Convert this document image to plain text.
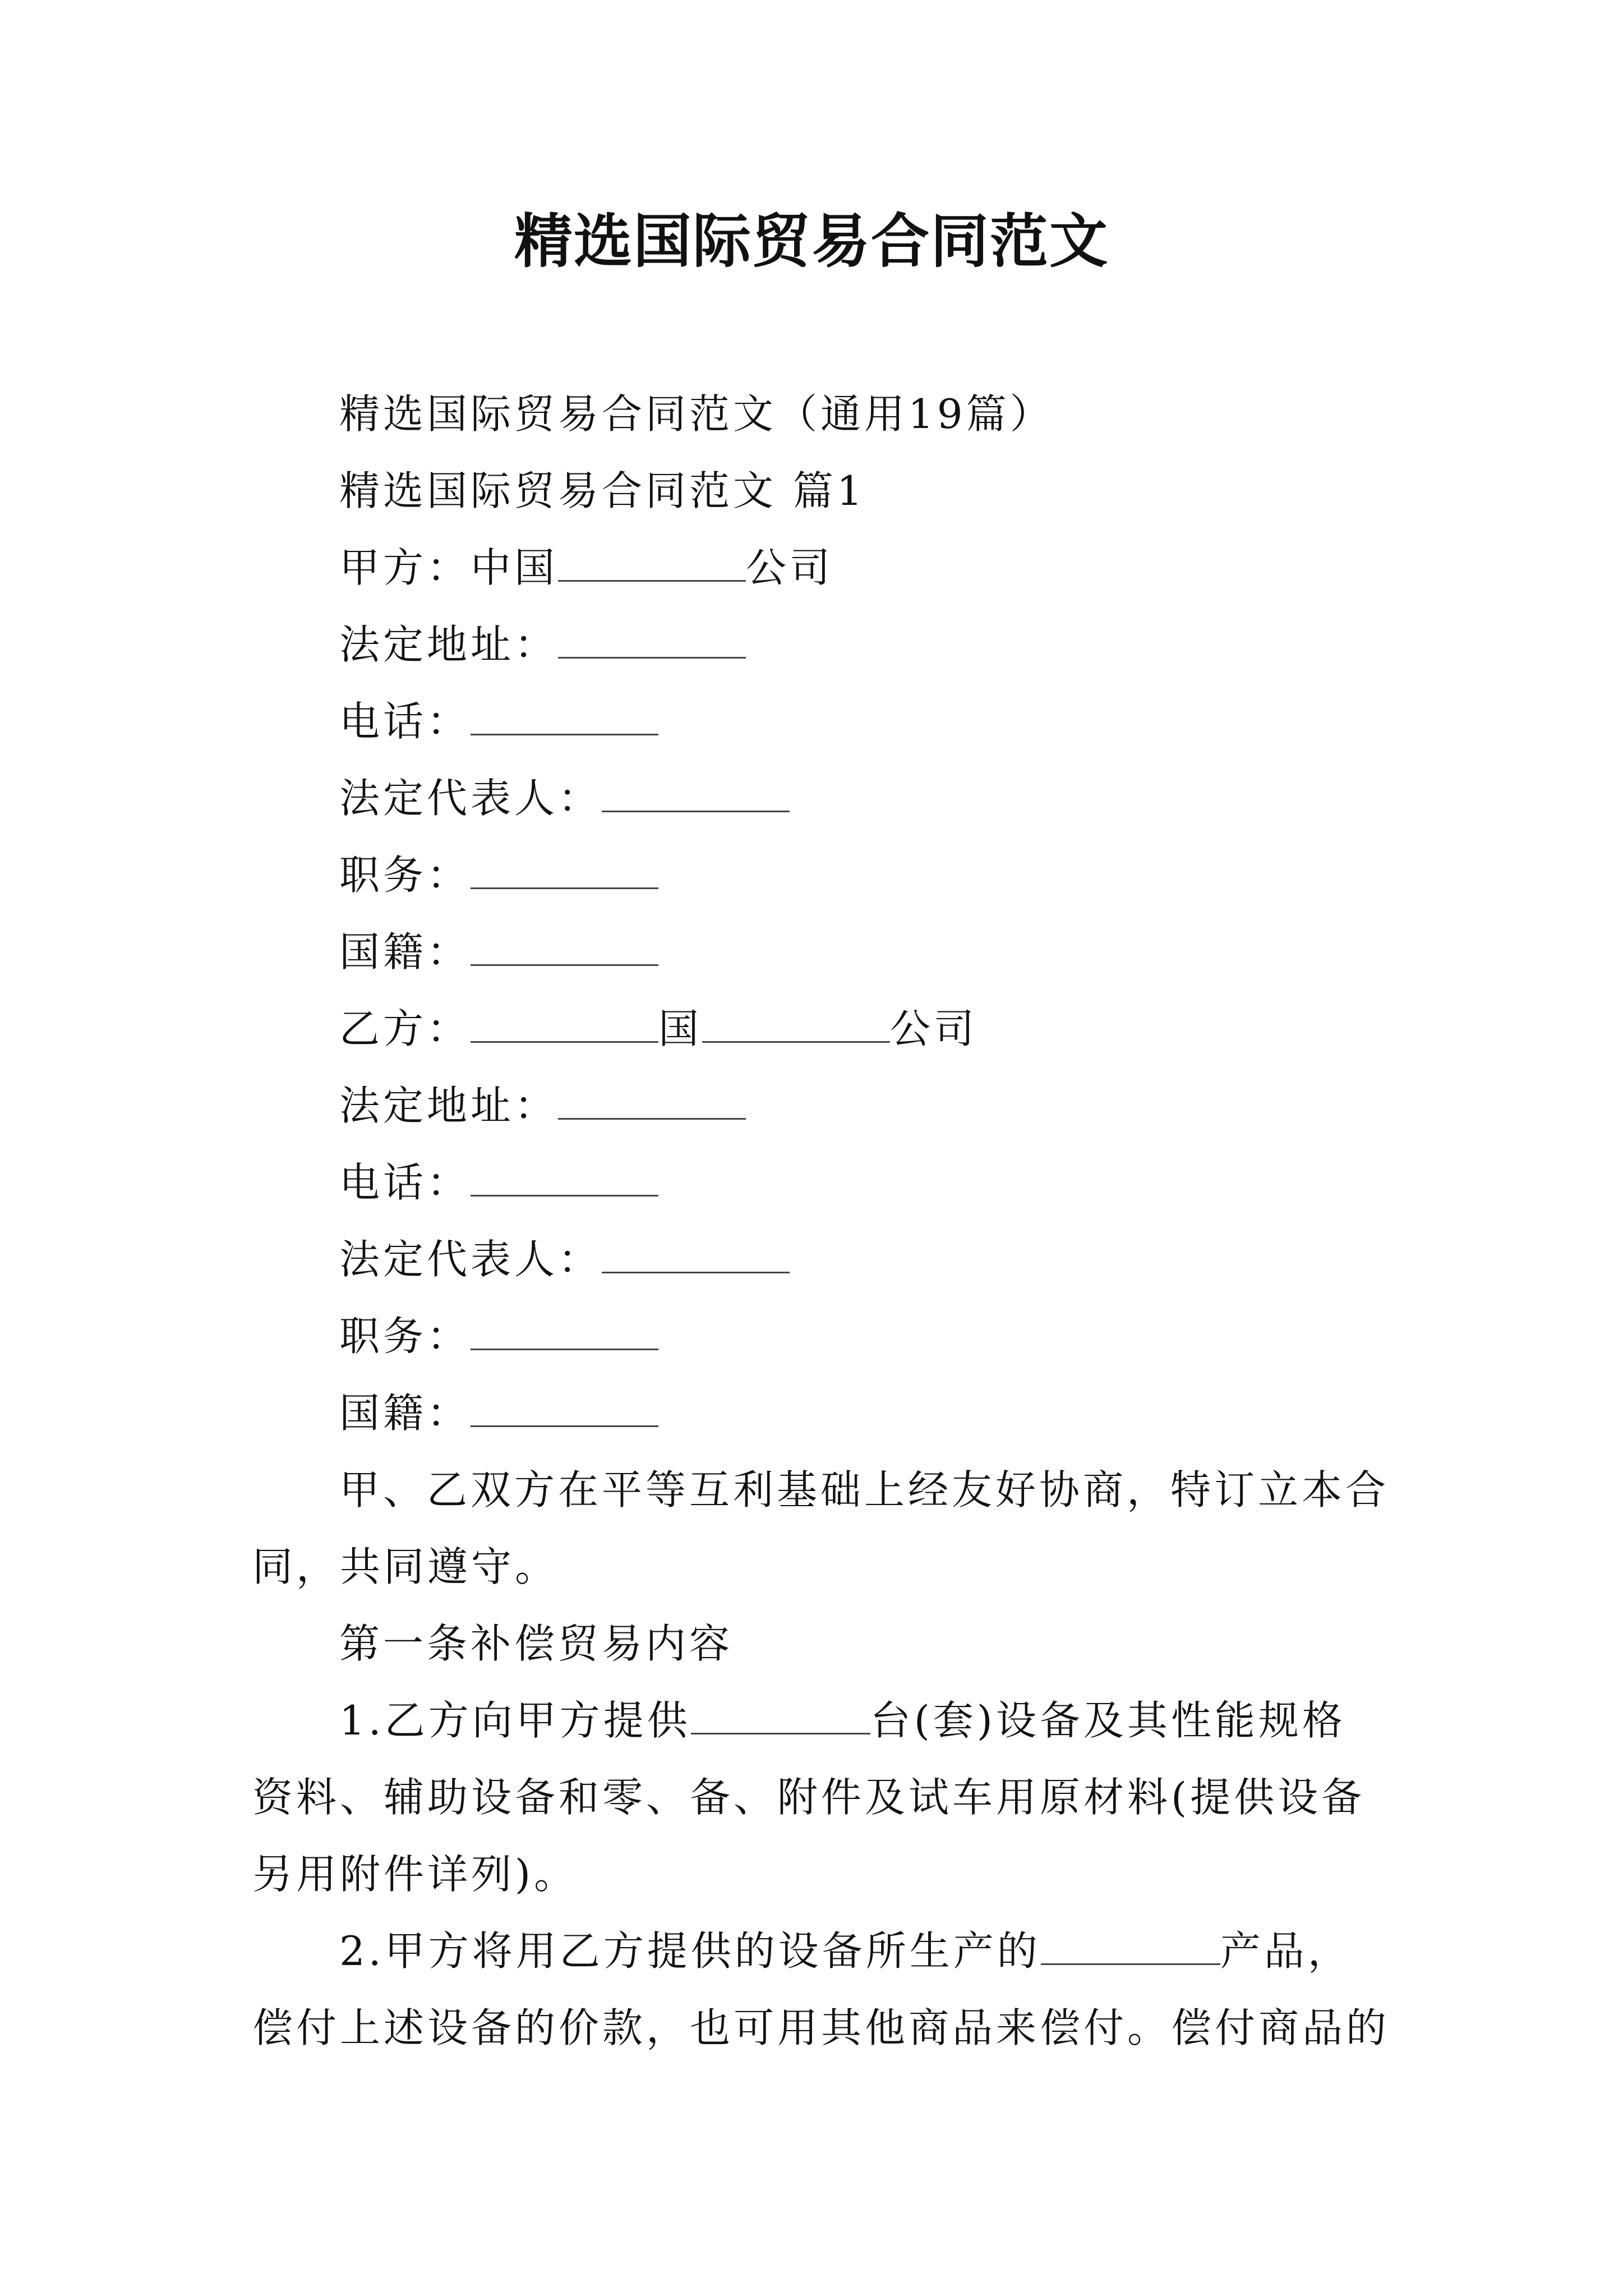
精选国际贸易合同范文
精选国际贸易合同范文（通用19篇）
精选国际贸易合同范文 篇1
甲方：中国	公司
法定地址：
电话：
法定代表人：
职务：
国籍：
乙方：	国	公司
法定地址：
电话：
法定代表人：
职务：
国籍：
甲、乙双方在平等互利基础上经友好协商，特订立本合
同，共同遵守。
第一条补偿贸易内容
1.乙方向甲方提供	台(套)设备及其性能规格
资料、辅助设备和零、备、附件及试车用原材料(提供设备
另用附件详列)。
2.甲方将用乙方提供的设备所生产的	产品，
偿付上述设备的价款，也可用其他商品来偿付。偿付商品的
